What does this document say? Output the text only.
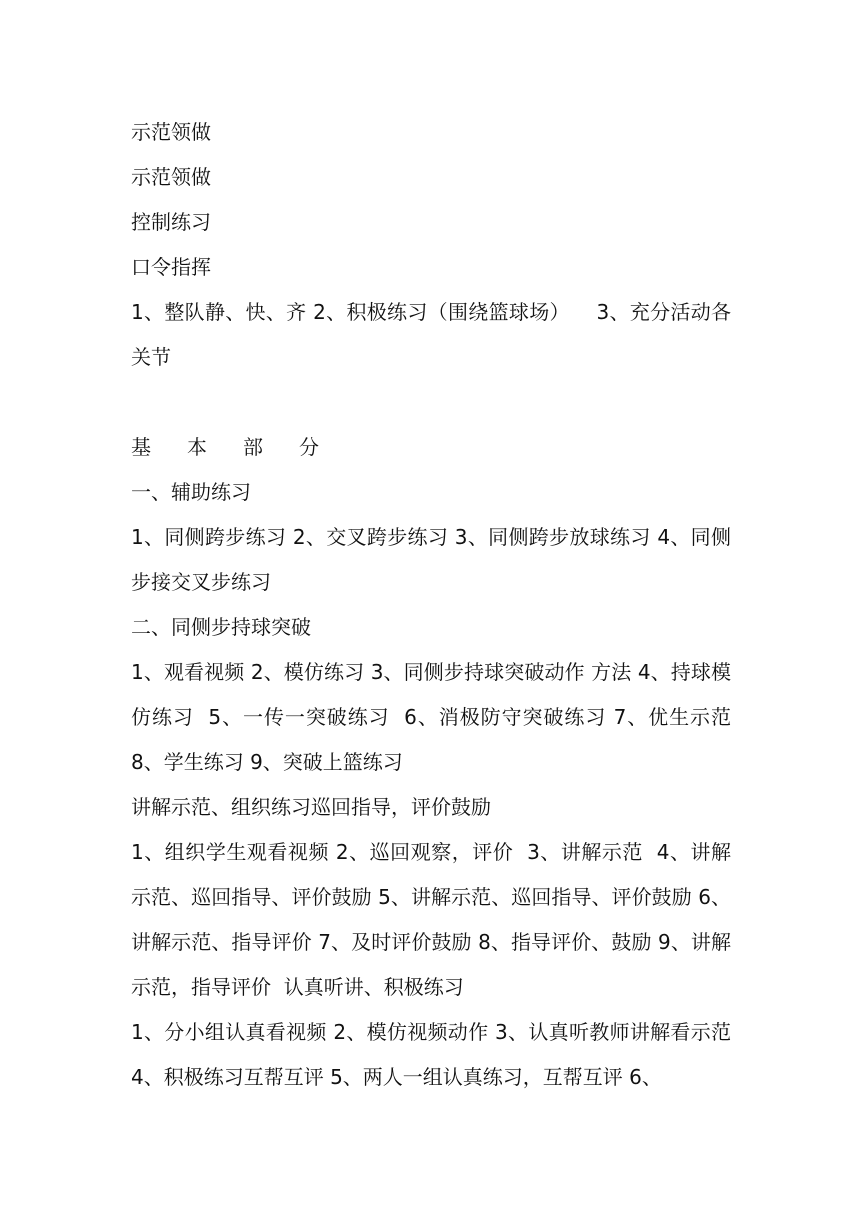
示范领做

示范领做

控制练习

口令指挥

1、整队静、快、齐 2、积极练习（围绕篮球场）    3、充分活动各关节

基 本 部 分

一、辅助练习

1、同侧跨步练习 2、交叉跨步练习 3、同侧跨步放球练习 4、同侧步接交叉步练习

二、同侧步持球突破

1、观看视频 2、模仿练习 3、同侧步持球突破动作 方法 4、持球模仿练习  5、一传一突破练习  6、消极防守突破练习 7、优生示范 8、学生练习 9、突破上篮练习

讲解示范、组织练习巡回指导，评价鼓励

1、组织学生观看视频 2、巡回观察，评价  3、讲解示范  4、讲解示范、巡回指导、评价鼓励 5、讲解示范、巡回指导、评价鼓励 6、讲解示范、指导评价 7、及时评价鼓励 8、指导评价、鼓励 9、讲解示范，指导评价  认真听讲、积极练习

1、分小组认真看视频 2、模仿视频动作 3、认真听教师讲解看示范 4、积极练习互帮互评 5、两人一组认真练习，互帮互评 6、
